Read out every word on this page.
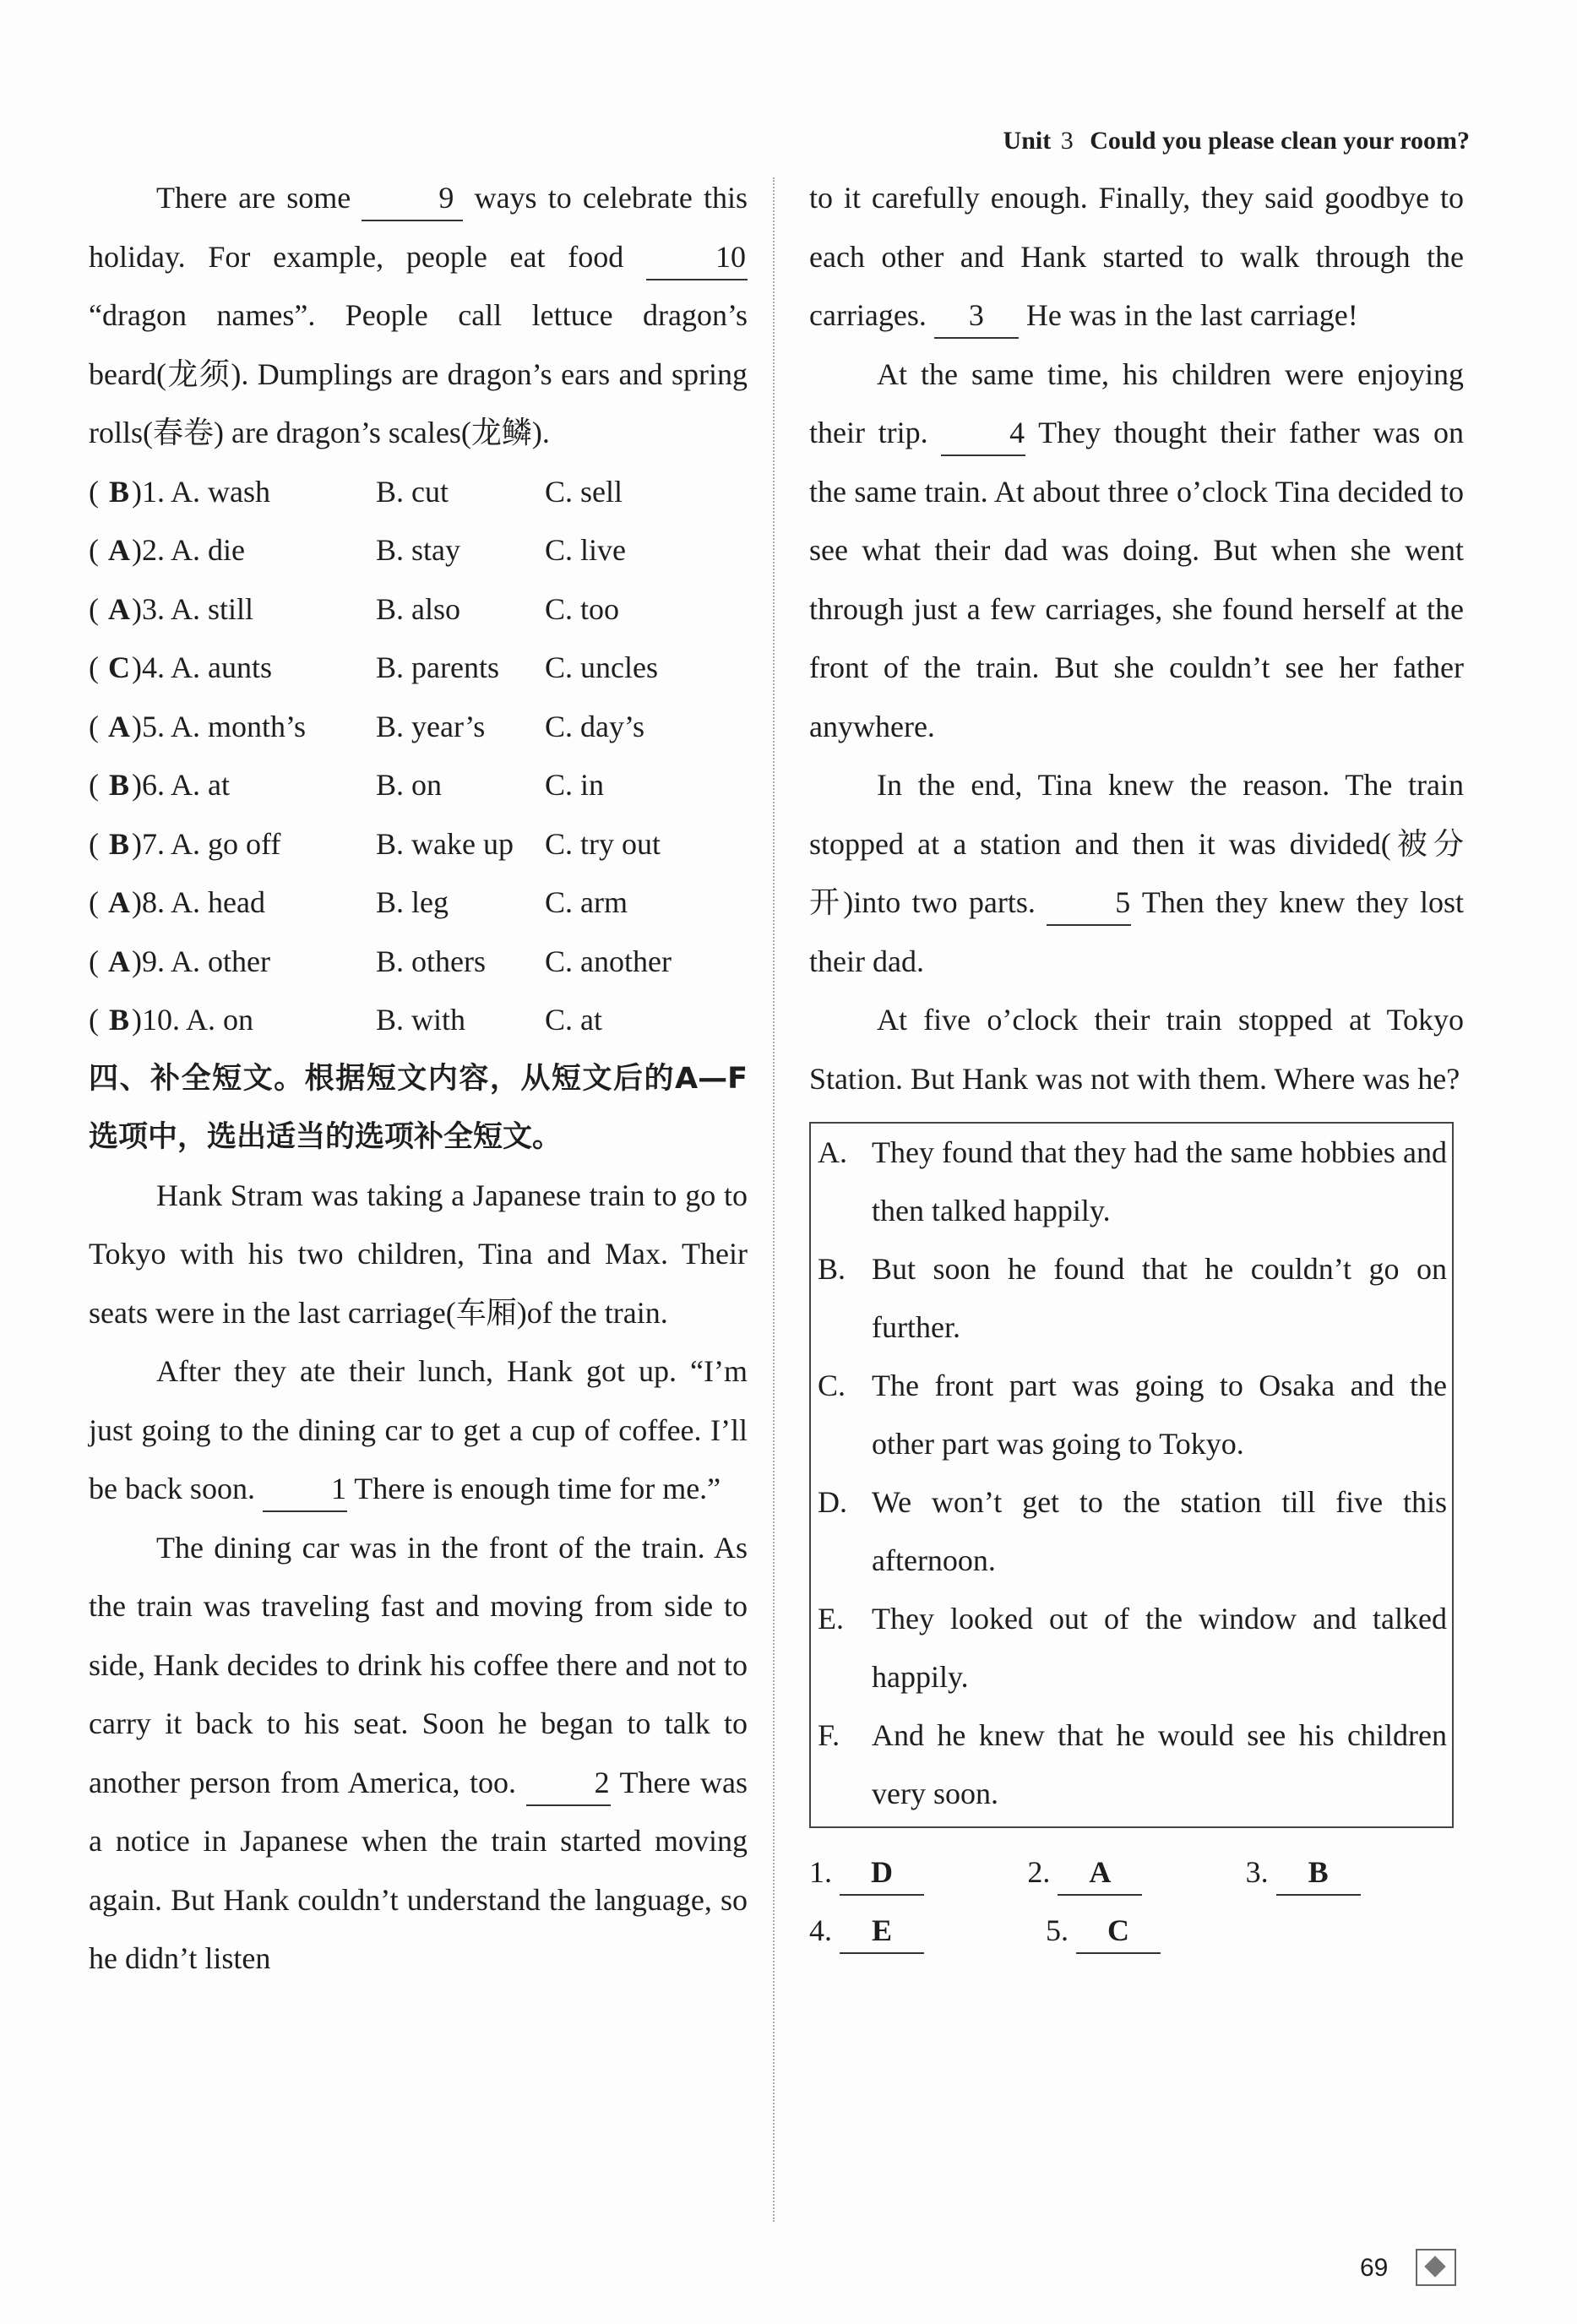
Unit 3 Could you please clean your room?

There are some	9 ways to celebrate this holiday. For example, people eat food 10 “dragon names”. People call lettuce dragon’s beard(龙须). Dumplings are dragon’s ears and spring rolls(春卷) are dragon’s scales(龙鳞).

( B)1. A. wash	B. cut	C. sell
( A)2. A. die	B. stay	C. live
( A)3. A. still	B. also	C. too
( C)4. A. aunts	B. parents	C. uncles
( A)5. A. month’s	B. year’s	C. day’s
( B)6. A. at	B. on	C. in
( B)7. A. go off	B. wake up	C. try out
( A)8. A. head	B. leg	C. arm
( A)9. A. other	B. others	C. another
( B)10. A. on	B. with	C. at

四、补全短文。根据短文内容，从短文后的A—F选项中，选出适当的选项补全短文。

Hank Stram was taking a Japanese train to go to Tokyo with his two children, Tina and Max. Their seats were in the last carriage(车厢)of the train.

After they ate their lunch, Hank got up. “I’m just going to the dining car to get a cup of coffee. I’ll be back soon. 1 There is enough time for me.”

The dining car was in the front of the train. As the train was traveling fast and moving from side to side, Hank decides to drink his coffee there and not to carry it back to his seat. Soon he began to talk to another person from America, too. 2 There was a notice in Japanese when the train started moving again. But Hank couldn’t understand the language, so he didn’t listen

to it carefully enough. Finally, they said goodbye to each other and Hank started to walk through the carriages. 3 He was in the last carriage!

At the same time, his children were enjoying their trip. 4 They thought their father was on the same train. At about three o’clock Tina decided to see what their dad was doing. But when she went through just a few carriages, she found herself at the front of the train. But she couldn’t see her father anywhere.

In the end, Tina knew the reason. The train stopped at a station and then it was divided(被分开)into two parts. 5 Then they knew they lost their dad.

At five o’clock their train stopped at Tokyo Station. But Hank was not with them. Where was he?

A. They found that they had the same hobbies and then talked happily.
B. But soon he found that he couldn’t go on further.
C. The front part was going to Osaka and the other part was going to Tokyo.
D. We won’t get to the station till five this afternoon.
E. They looked out of the window and talked happily.
F. And he knew that he would see his children very soon.
1. D	2. A	3. B
4. E	5. C
69
